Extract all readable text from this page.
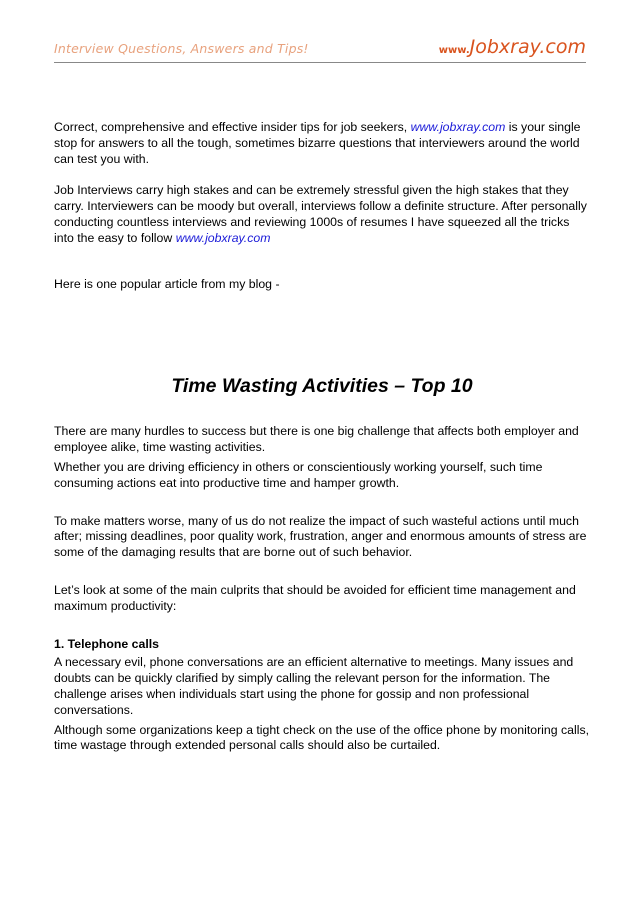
Interview Questions, Answers and Tips!	www.Jobxray.com

Correct, comprehensive and effective insider tips for job seekers, www.jobxray.com is your single stop for answers to all the tough, sometimes bizarre questions that interviewers around the world can test you with.

Job Interviews carry high stakes and can be extremely stressful given the high stakes that they carry. Interviewers can be moody but overall, interviews follow a definite structure. After personally conducting countless interviews and reviewing 1000s of resumes I have squeezed all the tricks into the easy to follow www.jobxray.com

Here is one popular article from my blog -

Time Wasting Activities – Top 10

There are many hurdles to success but there is one big challenge that affects both employer and employee alike, time wasting activities.

Whether you are driving efficiency in others or conscientiously working yourself, such time consuming actions eat into productive time and hamper growth.

To make matters worse, many of us do not realize the impact of such wasteful actions until much after; missing deadlines, poor quality work, frustration, anger and enormous amounts of stress are some of the damaging results that are borne out of such behavior.

Let’s look at some of the main culprits that should be avoided for efficient time management and maximum productivity:

1. Telephone calls

A necessary evil, phone conversations are an efficient alternative to meetings. Many issues and doubts can be quickly clarified by simply calling the relevant person for the information. The challenge arises when individuals start using the phone for gossip and non professional conversations.

Although some organizations keep a tight check on the use of the office phone by monitoring calls, time wastage through extended personal calls should also be curtailed.
